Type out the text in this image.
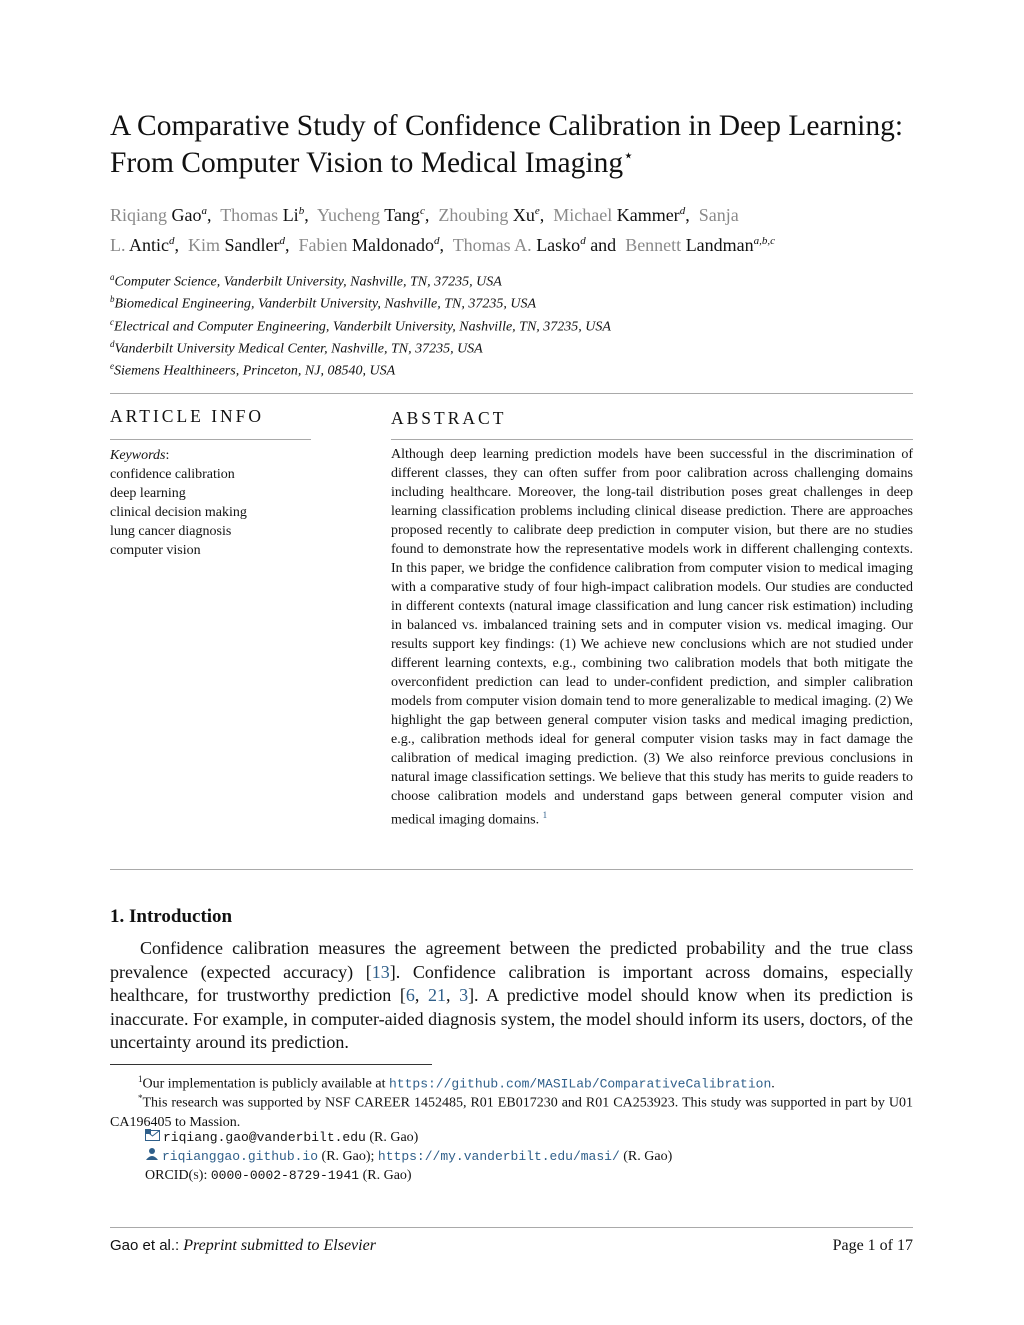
A Comparative Study of Confidence Calibration in Deep Learning:
From Computer Vision to Medical Imaging⋆
Riqiang Gao$^a$,  Thomas Li$^b$,  Yucheng Tang$^c$,  Zhoubing Xu$^e$,  Michael Kammer$^d$,  Sanja
L. Antic$^d$,  Kim Sandler$^d$,  Fabien Maldonado$^d$,  Thomas A. Lasko$^d$ and Bennett Landman$^{a,b,c}$
$^a$Computer Science, Vanderbilt University, Nashville, TN, 37235, USA
$^b$Biomedical Engineering, Vanderbilt University, Nashville, TN, 37235, USA
$^c$Electrical and Computer Engineering, Vanderbilt University, Nashville, TN, 37235, USA
$^d$Vanderbilt University Medical Center, Nashville, TN, 37235, USA
$^e$Siemens Healthineers, Princeton, NJ, 08540, USA
ARTICLE INFO
Keywords:
confidence calibration
deep learning
clinical decision making
lung cancer diagnosis
computer vision
ABSTRACT
Although deep learning prediction models have been successful in the discrimination of different classes, they can often suffer from poor calibration across challenging domains including healthcare. Moreover, the long-tail distribution poses great challenges in deep learning classification problems including clinical disease prediction. There are approaches proposed recently to calibrate deep prediction in computer vision, but there are no studies found to demonstrate how the representative models work in different challenging contexts. In this paper, we bridge the confidence calibration from computer vision to medical imaging with a comparative study of four high-impact calibration models. Our studies are conducted in different contexts (natural image classification and lung cancer risk estimation) including in balanced vs. imbalanced training sets and in computer vision vs. medical imaging. Our results support key findings: (1) We achieve new conclusions which are not studied under different learning contexts, e.g., combining two calibration models that both mitigate the overconfident prediction can lead to under-confident prediction, and simpler calibration models from computer vision domain tend to more generalizable to medical imaging. (2) We highlight the gap between general computer vision tasks and medical imaging prediction, e.g., calibration methods ideal for general computer vision tasks may in fact damage the calibration of medical imaging prediction. (3) We also reinforce previous conclusions in natural image classification settings. We believe that this study has merits to guide readers to choose calibration models and understand gaps between general computer vision and medical imaging domains. $^1$
1. Introduction
Confidence calibration measures the agreement between the predicted probability and the true class prevalence (expected accuracy) [13]. Confidence calibration is important across domains, especially healthcare, for trustworthy prediction [6, 21, 3]. A predictive model should know when its prediction is inaccurate. For example, in computer-aided diagnosis system, the model should inform its users, doctors, of the uncertainty around its prediction.
$^1$Our implementation is publicly available at https://github.com/MASILab/ComparativeCalibration.
*This research was supported by NSF CAREER 1452485, R01 EB017230 and R01 CA253923. This study was supported in part by U01 CA196405 to Massion.
riqiang.gao@vanderbilt.edu (R. Gao)
riqianggao.github.io (R. Gao); https://my.vanderbilt.edu/masi/ (R. Gao)
ORCID(s): 0000-0002-8729-1941 (R. Gao)
Gao et al.: Preprint submitted to Elsevier	Page 1 of 17
